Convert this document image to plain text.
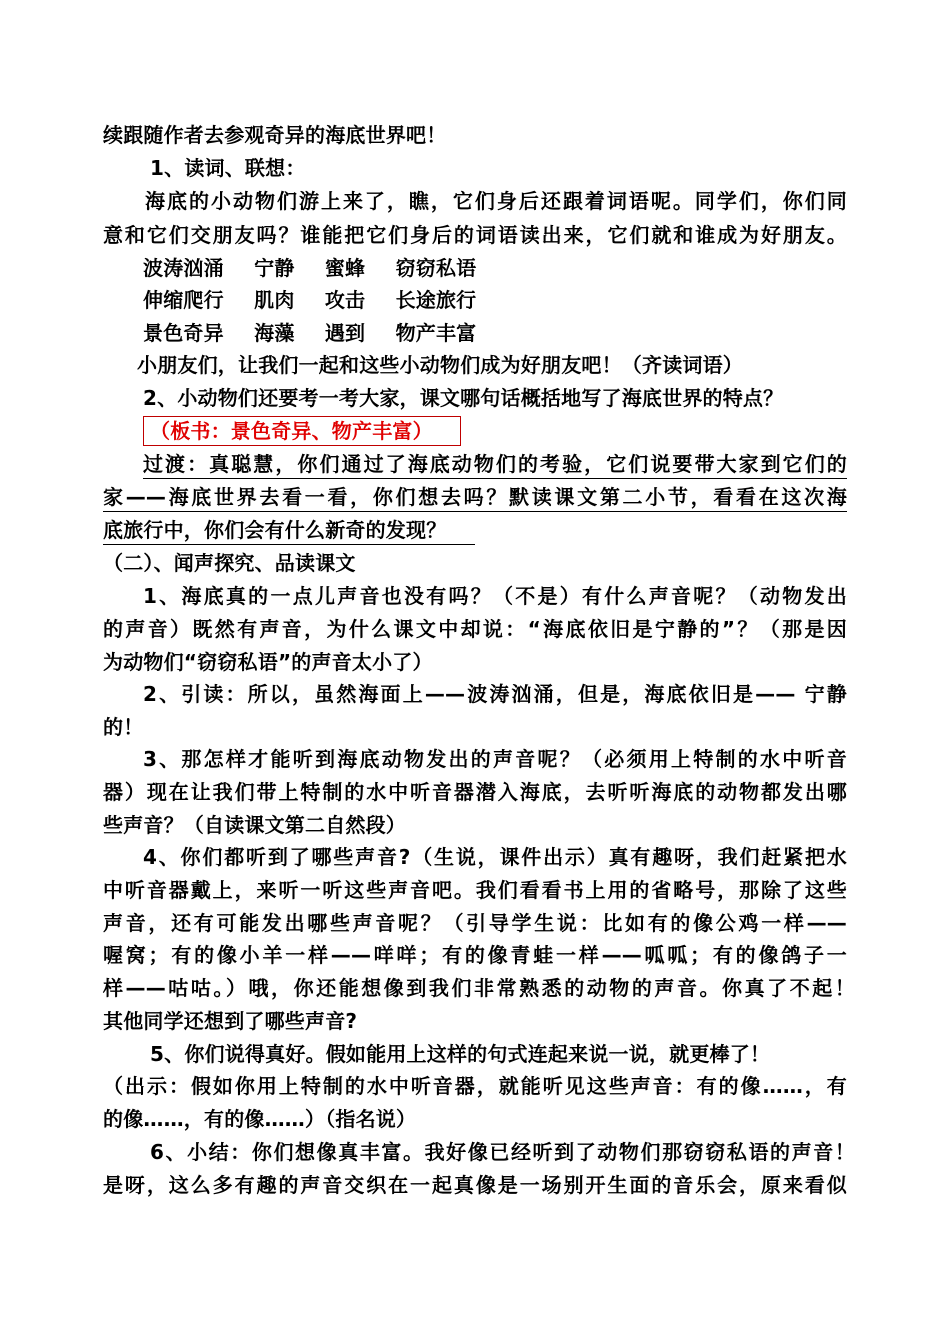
续跟随作者去参观奇异的海底世界吧！
1、读词、联想：
海底的小动物们游上来了，瞧，它们身后还跟着词语呢。同学们，你们同
意和它们交朋友吗？谁能把它们身后的词语读出来，它们就和谁成为好朋友。
波涛汹涌  宁静  蜜蜂  窃窃私语
伸缩爬行  肌肉  攻击  长途旅行
景色奇异  海藻  遇到  物产丰富
小朋友们，让我们一起和这些小动物们成为好朋友吧！（齐读词语）
2、小动物们还要考一考大家，课文哪句话概括地写了海底世界的特点？
（板书：景色奇异、物产丰富）
过渡：真聪慧，你们通过了海底动物们的考验，它们说要带大家到它们的
家——海底世界去看一看，你们想去吗？默读课文第二小节，看看在这次海
底旅行中，你们会有什么新奇的发现？
（二）、闻声探究、品读课文
1、海底真的一点儿声音也没有吗？（不是）有什么声音呢？（动物发出
的声音）既然有声音，为什么课文中却说：“海底依旧是宁静的”？（那是因
为动物们“窃窃私语”的声音太小了）
2、引读：所以，虽然海面上——波涛汹涌，但是，海底依旧是—— 宁静
的！
3、那怎样才能听到海底动物发出的声音呢？（必须用上特制的水中听音
器）现在让我们带上特制的水中听音器潜入海底，去听听海底的动物都发出哪
些声音？（自读课文第二自然段）
4、你们都听到了哪些声音?（生说，课件出示）真有趣呀，我们赶紧把水
中听音器戴上，来听一听这些声音吧。我们看看书上用的省略号，那除了这些
声音，还有可能发出哪些声音呢？（引导学生说：比如有的像公鸡一样——
喔窝；有的像小羊一样——咩咩；有的像青蛙一样——呱呱；有的像鸽子一
样——咕咕。）哦，你还能想像到我们非常熟悉的动物的声音。你真了不起！
其他同学还想到了哪些声音?
5、你们说得真好。假如能用上这样的句式连起来说一说，就更棒了！
（出示：假如你用上特制的水中听音器，就能听见这些声音：有的像……，有
的像……，有的像……）（指名说）
6、小结：你们想像真丰富。我好像已经听到了动物们那窃窃私语的声音！
是呀，这么多有趣的声音交织在一起真像是一场别开生面的音乐会，原来看似
